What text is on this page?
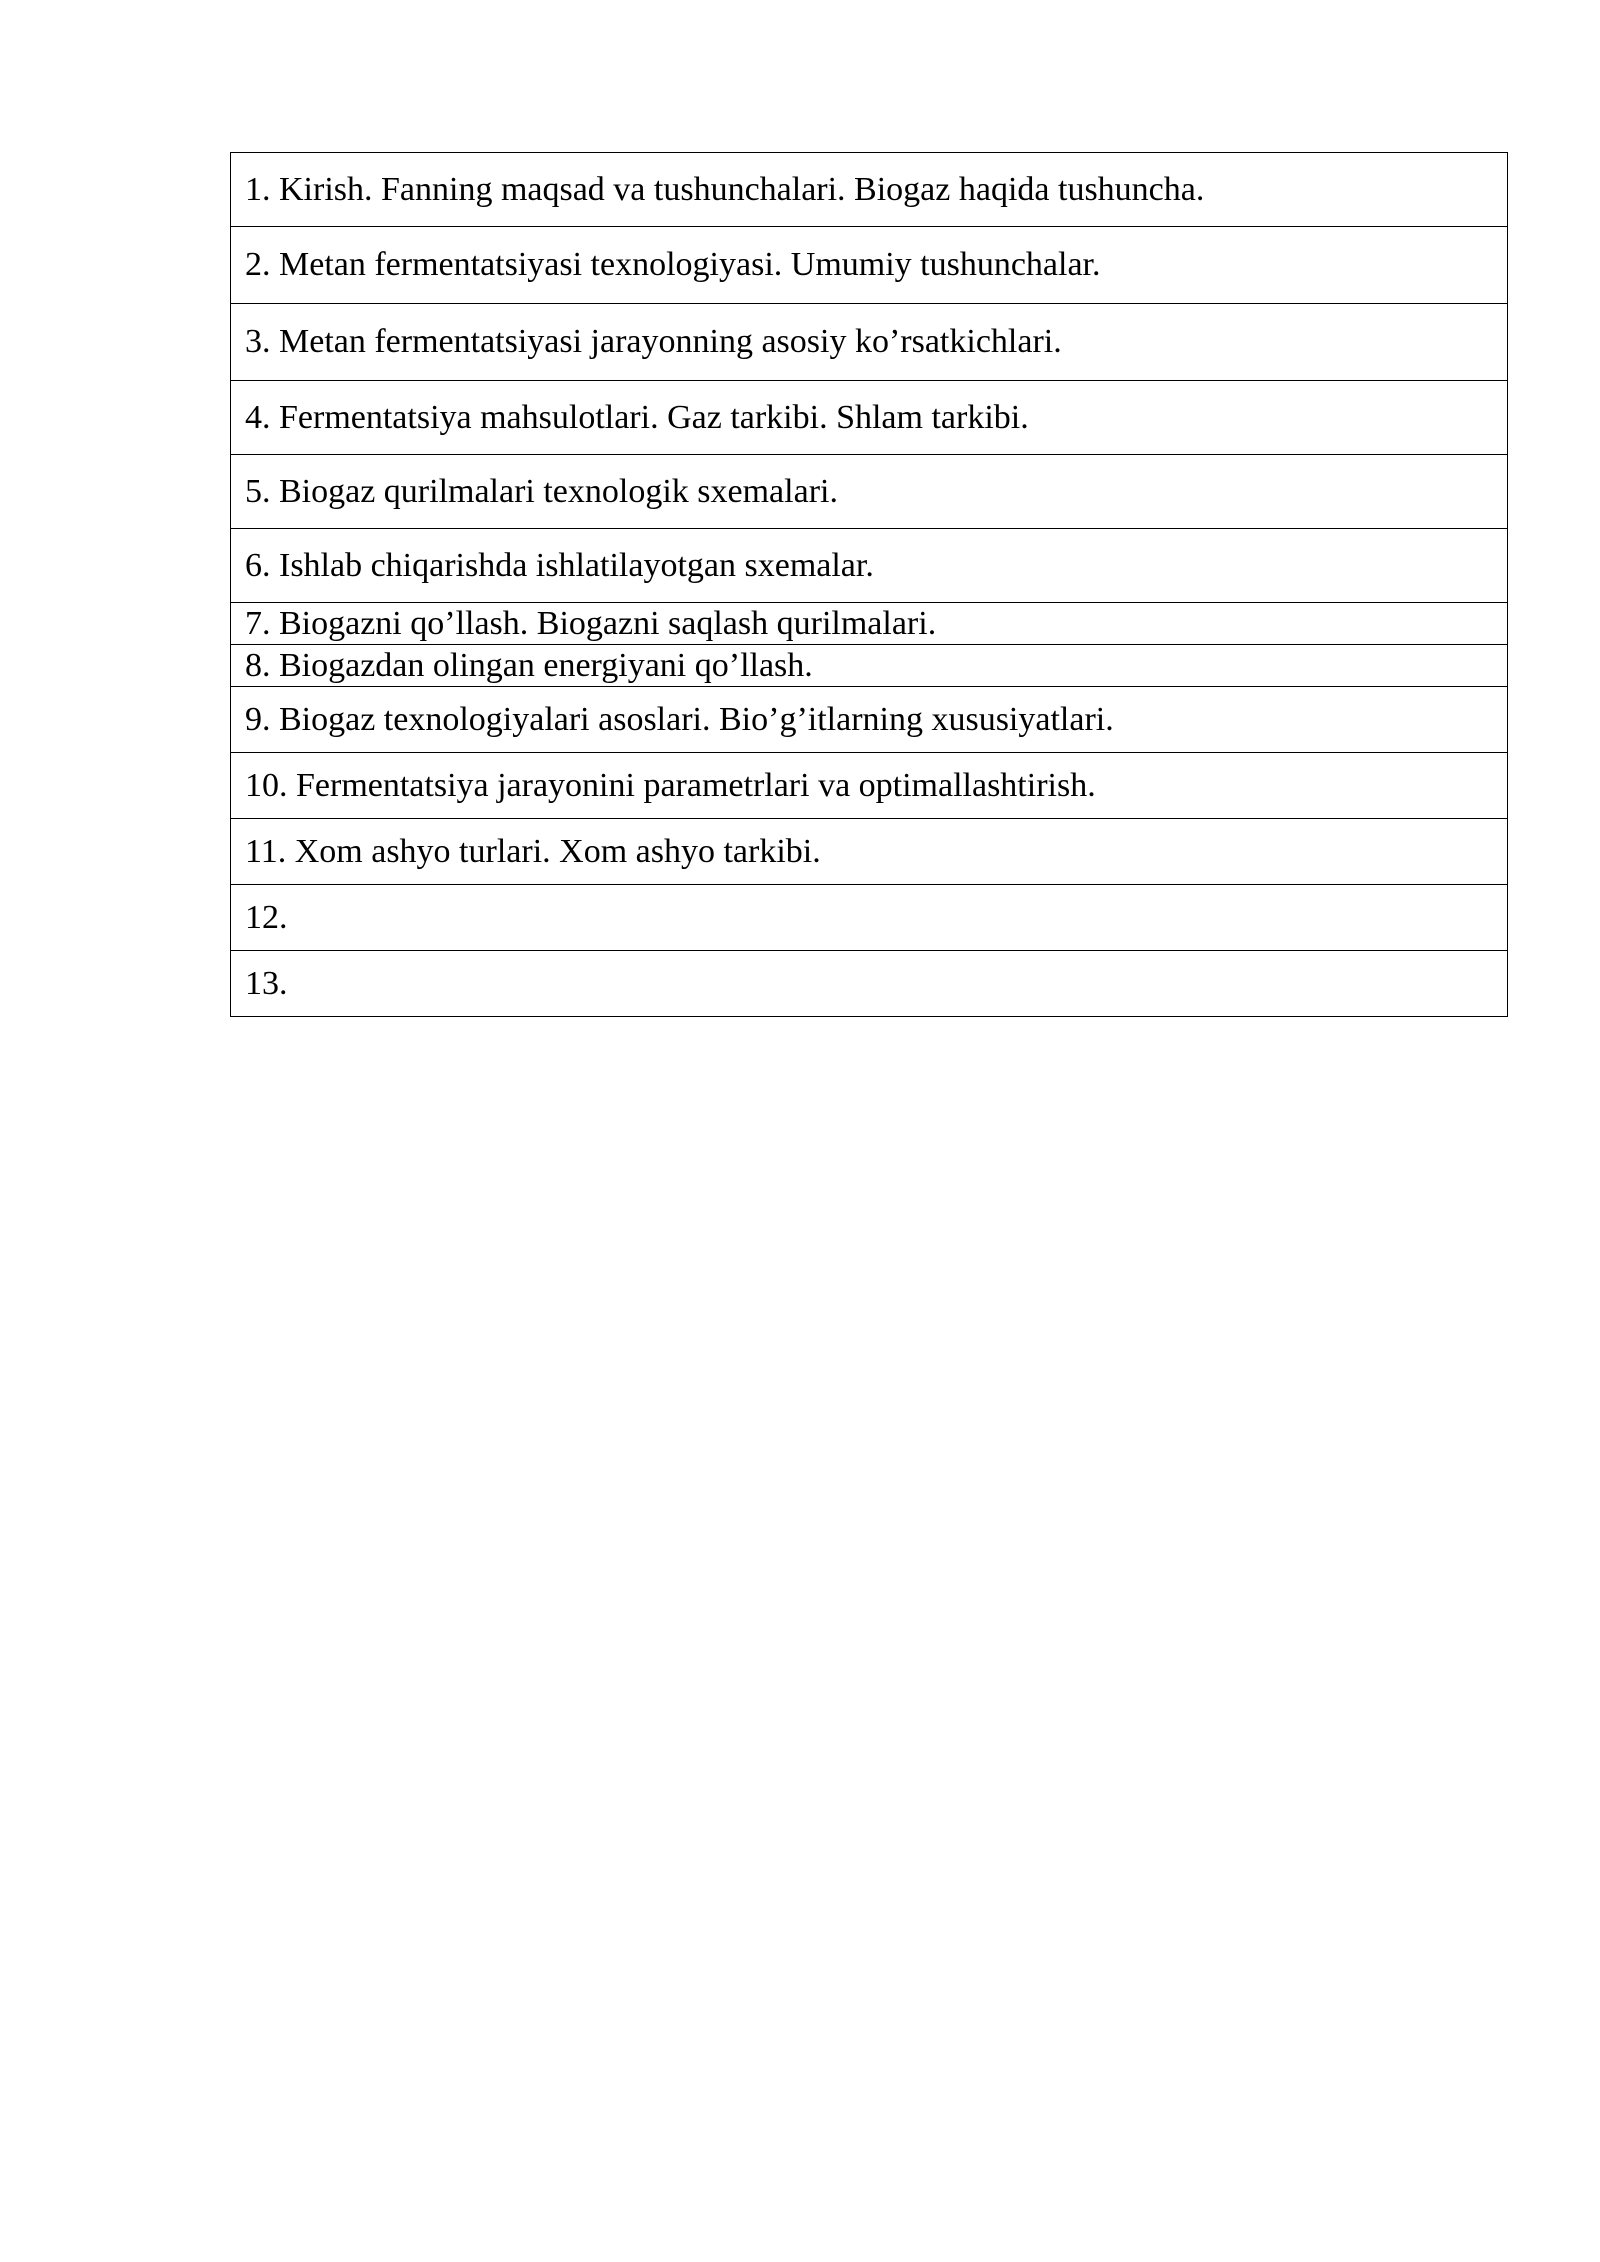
1. Kirish. Fanning maqsad va tushunchalari. Biogaz haqida tushuncha.
2. Metan fermentatsiyasi texnologiyasi. Umumiy tushunchalar.
3. Metan fermentatsiyasi jarayonning asosiy ko’rsatkichlari.
4. Fermentatsiya mahsulotlari. Gaz tarkibi. Shlam tarkibi.
5. Biogaz qurilmalari texnologik sxemalari.
6. Ishlab chiqarishda ishlatilayotgan sxemalar.
7. Biogazni qo’llash. Biogazni saqlash qurilmalari.
8. Biogazdan olingan energiyani qo’llash.
9. Biogaz texnologiyalari asoslari. Bio’g’itlarning xususiyatlari.
10. Fermentatsiya jarayonini parametrlari va optimallashtirish.
11. Xom ashyo turlari. Xom ashyo tarkibi.
12.
13.
